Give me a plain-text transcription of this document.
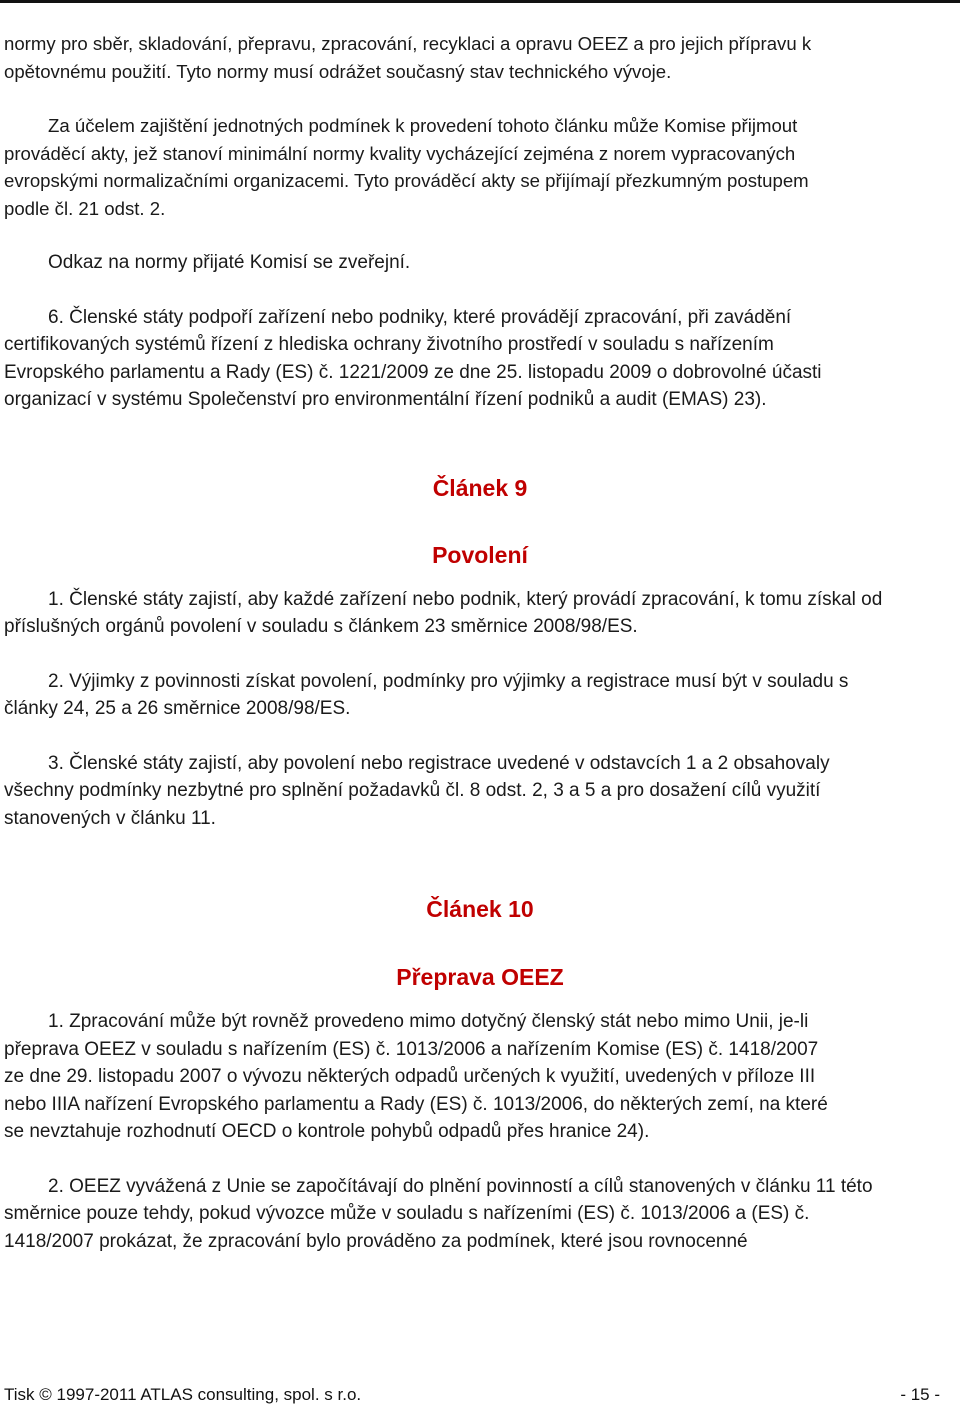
normy pro sběr, skladování, přepravu, zpracování, recyklaci a opravu OEEZ a pro jejich přípravu k
opětovnému použití. Tyto normy musí odrážet současný stav technického vývoje.

Za účelem zajištění jednotných podmínek k provedení tohoto článku může Komise přijmout
prováděcí akty, jež stanoví minimální normy kvality vycházející zejména z norem vypracovaných
evropskými normalizačními organizacemi. Tyto prováděcí akty se přijímají přezkumným postupem
podle čl. 21 odst. 2.

Odkaz na normy přijaté Komisí se zveřejní.

6. Členské státy podpoří zařízení nebo podniky, které provádějí zpracování, při zavádění
certifikovaných systémů řízení z hlediska ochrany životního prostředí v souladu s nařízením
Evropského parlamentu a Rady (ES) č. 1221/2009 ze dne 25. listopadu 2009 o dobrovolné účasti
organizací v systému Společenství pro environmentální řízení podniků a audit (EMAS) 23).

Článek 9
Povolení

1. Členské státy zajistí, aby každé zařízení nebo podnik, který provádí zpracování, k tomu získal od
příslušných orgánů povolení v souladu s článkem 23 směrnice 2008/98/ES.

2. Výjimky z povinnosti získat povolení, podmínky pro výjimky a registrace musí být v souladu s
články 24, 25 a 26 směrnice 2008/98/ES.

3. Členské státy zajistí, aby povolení nebo registrace uvedené v odstavcích 1 a 2 obsahovaly
všechny podmínky nezbytné pro splnění požadavků čl. 8 odst. 2, 3 a 5 a pro dosažení cílů využití
stanovených v článku 11.

Článek 10
Přeprava OEEZ

1. Zpracování může být rovněž provedeno mimo dotyčný členský stát nebo mimo Unii, je-li
přeprava OEEZ v souladu s nařízením (ES) č. 1013/2006 a nařízením Komise (ES) č. 1418/2007
ze dne 29. listopadu 2007 o vývozu některých odpadů určených k využití, uvedených v příloze III
nebo IIIA nařízení Evropského parlamentu a Rady (ES) č. 1013/2006, do některých zemí, na které
se nevztahuje rozhodnutí OECD o kontrole pohybů odpadů přes hranice 24).

2. OEEZ vyvážená z Unie se započítávají do plnění povinností a cílů stanovených v článku 11 této
směrnice pouze tehdy, pokud vývozce může v souladu s nařízeními (ES) č. 1013/2006 a (ES) č.
1418/2007 prokázat, že zpracování bylo prováděno za podmínek, které jsou rovnocenné

Tisk © 1997-2011 ATLAS consulting, spol. s r.o.	- 15 -
